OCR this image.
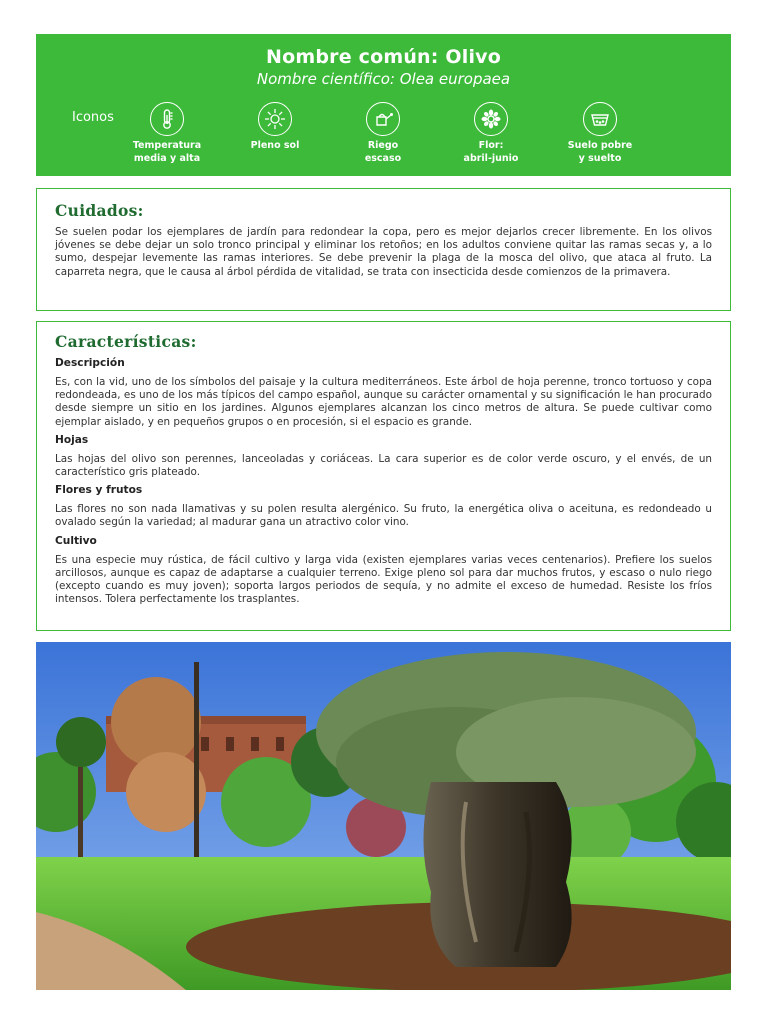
Nombre común: Olivo
Nombre científico: Olea europaea
Iconos
Temperatura
media y alta
Pleno sol	Riego
escaso
Flor:
abril-junio
Suelo pobre
y suelto
Cuidados:

Se suelen podar los ejemplares de jardín para redondear la copa, pero es mejor dejarlos crecer libremente. En los olivos jóvenes se debe dejar un solo tronco principal y eliminar los retoños; en los adultos conviene quitar las ramas secas y, a lo sumo, despejar levemente las ramas interiores. Se debe prevenir la plaga de la mosca del olivo, que ataca al fruto. La caparreta negra, que le causa al árbol pérdida de vitalidad, se trata con insecticida desde comienzos de la primavera.

Características:
Descripción

Es, con la vid, uno de los símbolos del paisaje y la cultura mediterráneos. Este árbol de hoja perenne, tronco tortuoso y copa redondeada, es uno de los más típicos del campo español, aunque su carácter ornamental y su significación le han procurado desde siempre un sitio en los jardines. Algunos ejemplares alcanzan los cinco metros de altura. Se puede cultivar como ejemplar aislado, y en pequeños grupos o en procesión, si el espacio es grande.

Hojas

Las hojas del olivo son perennes, lanceoladas y coriáceas. La cara superior es de color verde oscuro, y el envés, de un característico gris plateado.

Flores y frutos

Las flores no son nada llamativas y su polen resulta alergénico. Su fruto, la energética oliva o aceituna, es redondeado u ovalado según la variedad; al madurar gana un atractivo color vino.

Cultivo

Es una especie muy rústica, de fácil cultivo y larga vida (existen ejemplares varias veces centenarios). Prefiere los suelos arcillosos, aunque es capaz de adaptarse a cualquier terreno. Exige pleno sol para dar muchos frutos, y escaso o nulo riego (excepto cuando es muy joven); soporta largos periodos de sequía, y no admite el exceso de humedad. Resiste los fríos intensos. Tolera perfectamente los trasplantes.
